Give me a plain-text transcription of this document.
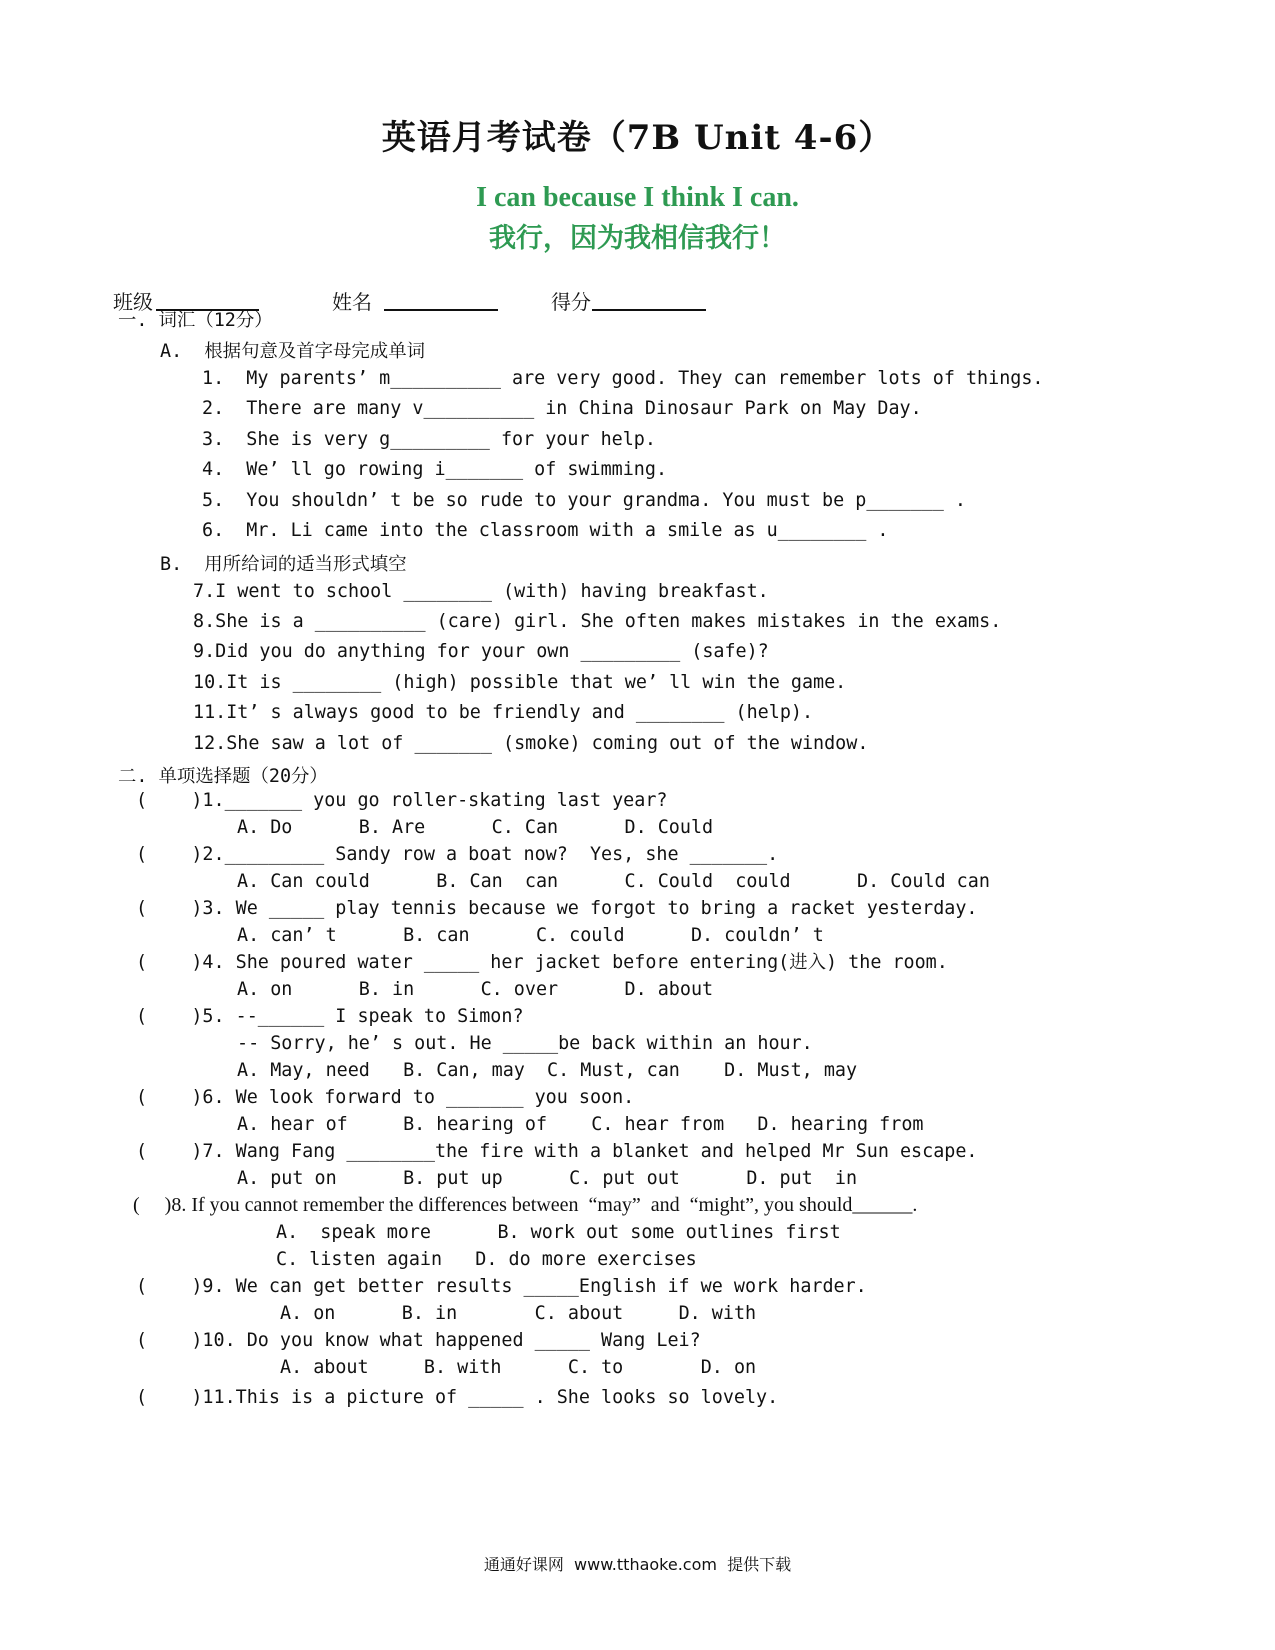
英语月考试卷（7B Unit 4-6）
I can because I think I can.
我行，因为我相信我行！
班级	姓名	得分
一. 词汇（12分）
A.  根据句意及首字母完成单词
1.  My parents’ m__________ are very good. They can remember lots of things.
2.  There are many v__________ in China Dinosaur Park on May Day.
3.  She is very g_________ for your help.
4.  We’ ll go rowing i_______ of swimming.
5.  You shouldn’ t be so rude to your grandma. You must be p_______ .
6.  Mr. Li came into the classroom with a smile as u________ .
B.  用所给词的适当形式填空
7.I went to school ________ (with) having breakfast.
8.She is a __________ (care) girl. She often makes mistakes in the exams.
9.Did you do anything for your own _________ (safe)?
10.It is ________ (high) possible that we’ ll win the game.
11.It’ s always good to be friendly and ________ (help).
12.She saw a lot of _______ (smoke) coming out of the window.
二. 单项选择题（20分）
(    )1._______ you go roller-skating last year?
A. Do      B. Are      C. Can      D. Could
(    )2._________ Sandy row a boat now?  Yes, she _______.
A. Can could      B. Can  can      C. Could  could      D. Could can
(    )3. We _____ play tennis because we forgot to bring a racket yesterday.
A. can’ t      B. can      C. could      D. couldn’ t
(    )4. She poured water _____ her jacket before entering(进入) the room.
A. on      B. in      C. over      D. about
(    )5. --______ I speak to Simon?
-- Sorry, he’ s out. He _____be back within an hour.
A. May, need   B. Can, may  C. Must, can    D. Must, may
(    )6. We look forward to _______ you soon.
A. hear of     B. hearing of    C. hear from   D. hearing from
(    )7. Wang Fang ________the fire with a blanket and helped Mr Sun escape.
A. put on      B. put up      C. put out      D. put  in
(     )8. If you cannot remember the differences between  “may”  and  “might”, you should______.
A.  speak more      B. work out some outlines first
C. listen again   D. do more exercises
(    )9. We can get better results _____English if we work harder.
A. on      B. in       C. about     D. with
(    )10. Do you know what happened _____ Wang Lei?
A. about     B. with      C. to       D. on
(    )11.This is a picture of _____ . She looks so lovely.
通通好课网  www.tthaoke.com  提供下载
